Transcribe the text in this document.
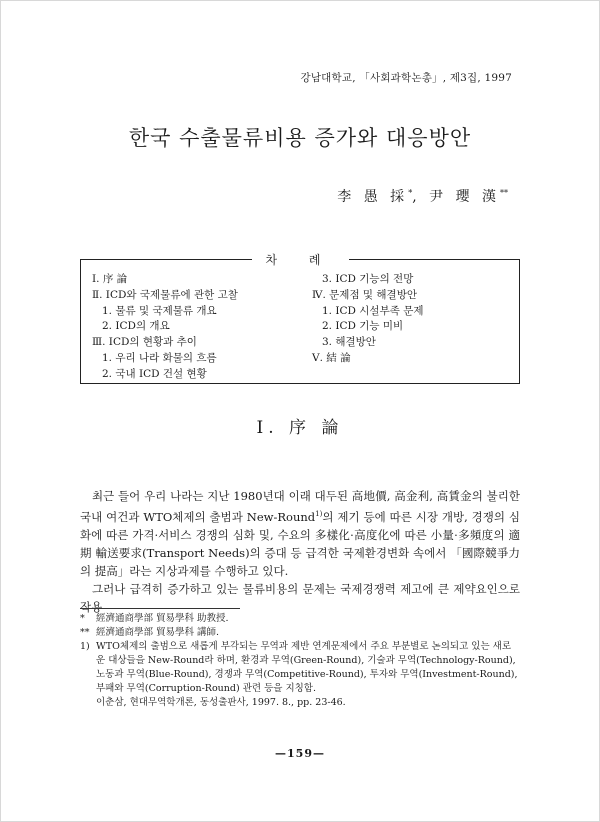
강남대학교, 「사회과학논총」, 제3집, 1997
한국 수출물류비용 증가와 대응방안
李 愚 採*, 尹 瓔 漢**
차 례
Ⅰ. 序 論
Ⅱ. ICD와 국제물류에 관한 고찰
1. 물류 및 국제물류 개요
2. ICD의 개요
Ⅲ. ICD의 현황과 추이
1. 우리 나라 화물의 흐름
2. 국내 ICD 건설 현황
3. ICD 기능의 전망
Ⅳ. 문제점 및 해결방안
1. ICD 시설부족 문제
2. ICD 기능 미비
3. 해결방안
Ⅴ. 結 論
Ⅰ. 序 論

최근 들어 우리 나라는 지난 1980년대 이래 대두된 高地價, 高金利, 高賃金의 불리한 국내 여건과 WTO체제의 출범과 New-Round$^{1)}$의 제기 등에 따른 시장 개방, 경쟁의 심화에 따른 가격·서비스 경쟁의 심화 및, 수요의 多樣化·高度化에 따른 小量·多頻度의 適期 輸送要求(Transport Needs)의 증대 등 급격한 국제환경변화 속에서 「國際競爭力의 提高」라는 지상과제를 수행하고 있다.

그러나 급격히 증가하고 있는 물류비용의 문제는 국제경쟁력 제고에 큰 제약요인으로 작용

*	經濟通商學部 貿易學科 助教授.
** 經濟通商學部 貿易學科 講師.
1) WTO체제의 출범으로 새롭게 부각되는 무역과 제반 연계문제에서 주요 부분별로 논의되고 있는 새로운 대상들을 New-Round라 하며, 환경과 무역(Green-Round), 기술과 무역(Technology-Round), 노동과 무역(Blue-Round), 경쟁과 무역(Competitive-Round), 투자와 무역(Investment-Round), 부패와 무역(Corruption-Round) 관련 등을 지칭함.
이춘삼, 현대무역학개론, 동성출판사, 1997. 8., pp. 23-46.
—159—
